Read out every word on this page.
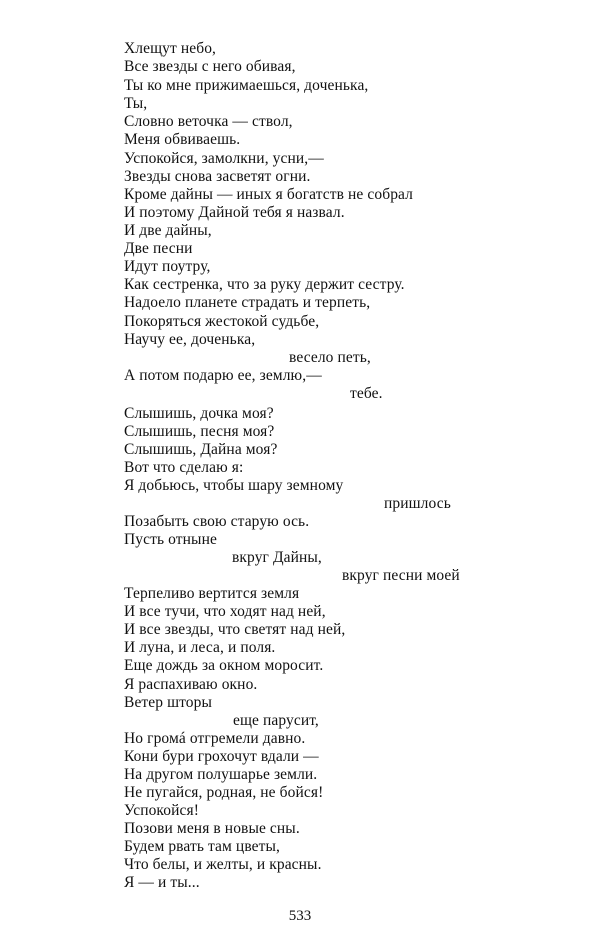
Хлещут небо,
Все звезды с него обивая,
Ты ко мне прижимаешься, доченька,
Ты,
Словно веточка — ствол,
Меня обвиваешь.
Успокойся, замолкни, усни,—
Звезды снова засветят огни.
Кроме дайны — иных я богатств не собрал
И поэтому Дайной тебя я назвал.
И две дайны,
Две песни
Идут поутру,
Как сестренка, что за руку держит сестру.
Надоело планете страдать и терпеть,
Покоряться жестокой судьбе,
Научу ее, доченька,
весело петь,
А потом подарю ее, землю,—
тебе.
Слышишь, дочка моя?
Слышишь, песня моя?
Слышишь, Дайна моя?
Вот что сделаю я:
Я добьюсь, чтобы шару земному
пришлось
Позабыть свою старую ось.
Пусть отныне
вкруг Дайны,
вкруг песни моей
Терпеливо вертится земля
И все тучи, что ходят над ней,
И все звезды, что светят над ней,
И луна, и леса, и поля.
Еще дождь за окном моросит.
Я распахиваю окно.
Ветер шторы
еще парусит,
Но громá отгремели давно.
Кони бури грохочут вдали —
На другом полушарье земли.
Не пугайся, родная, не бойся!
Успокойся!
Позови меня в новые сны.
Будем рвать там цветы,
Что белы, и желты, и красны.
Я — и ты...
533
